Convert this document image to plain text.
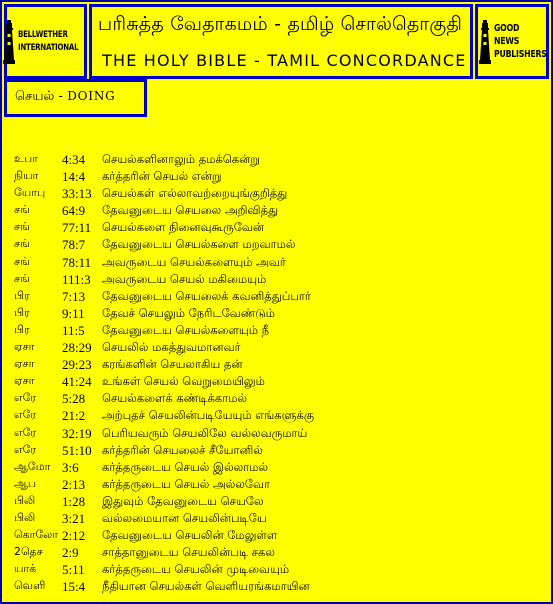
BELLWETHER
INTERNATIONAL
பரிசுத்த வேதாகமம் - தமிழ் சொல்தொகுதி
THE HOLY BIBLE - TAMIL CONCORDANCE
GOOD NEWS
PUBLISHERS
செயல் - DOING
உபா 4:34 செயல்களினாலும் தமக்கென்று
நியா 14:4 கர்த்தரின் செயல் என்று
யோபு 33:13 செயல்கள் எல்லாவற்றையுங்குறித்து
சங் 64:9 தேவனுடைய செயலை அறிவித்து
சங் 77:11 செயல்களை நினைவுகூருவேன்
சங் 78:7 தேவனுடைய செயல்களை மறவாமல்
சங் 78:11 அவருடைய செயல்களையும் அவர்
சங் 111:3 அவருடைய செயல் மகிமையும்
பிர 7:13 தேவனுடைய செயலைக் கவனித்துப்பார்
பிர 9:11 தேவச் செயலும் நேரிடவேண்டும்
பிர 11:5 தேவனுடைய செயல்களையும் நீ
ஏசா 28:29 செயலில் மகத்துவமானவர்
ஏசா 29:23 கரங்களின் செயலாகிய தன்
ஏசா 41:24 உங்கள் செயல் வெறுமையிலும்
எரே 5:28 செயல்களைக் கண்டிக்காமல்
எரே 21:2 அற்புதச் செயலின்படியேயும் எங்களுக்கு
எரே 32:19 பெரியவரும் செயலிலே வல்லவருமாய்
எரே 51:10 கர்த்தரின் செயலைச் சீயோனில்
ஆமோ 3:6 கர்த்தருடைய செயல் இல்லாமல்
ஆப 2:13 கர்த்தருடைய செயல் அல்லவோ
பிலி 1:28 இதுவும் தேவனுடைய செயலே
பிலி 3:21 வல்லமையான செயலின்படியே
கொலோ 2:12 தேவனுடைய செயலின் மேலுள்ள
2தெச 2:9 சாத்தானுடைய செயலின்படி சகல
யாக் 5:11 கர்த்தருடைய செயலின் முடிவையும்
வெளி 15:4 நீதியான செயல்கள் வெளியரங்கமாயின
